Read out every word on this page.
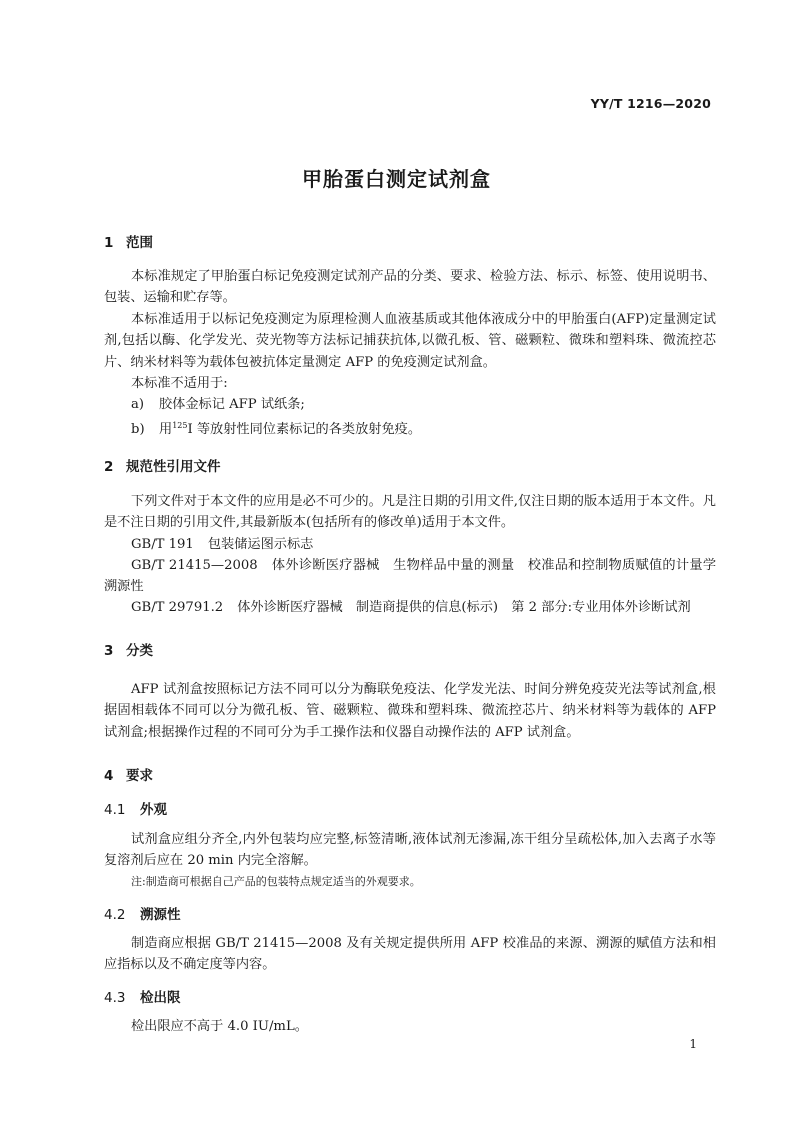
YY/T 1216—2020
甲胎蛋白测定试剂盒
1 范围
本标准规定了甲胎蛋白标记免疫测定试剂产品的分类、要求、检验方法、标示、标签、使用说明书、包装、运输和贮存等。
本标准适用于以标记免疫测定为原理检测人血液基质或其他体液成分中的甲胎蛋白(AFP)定量测定试剂,包括以酶、化学发光、荧光物等方法标记捕获抗体,以微孔板、管、磁颗粒、微珠和塑料珠、微流控芯片、纳米材料等为载体包被抗体定量测定 AFP 的免疫测定试剂盒。
本标准不适用于:
a) 胶体金标记 AFP 试纸条;
b) 用$^{125}$I 等放射性同位素标记的各类放射免疫。
2 规范性引用文件
下列文件对于本文件的应用是必不可少的。凡是注日期的引用文件,仅注日期的版本适用于本文件。凡是不注日期的引用文件,其最新版本(包括所有的修改单)适用于本文件。
GB/T 191 包装储运图示标志
GB/T 21415—2008 体外诊断医疗器械　生物样品中量的测量　校准品和控制物质赋值的计量学溯源性
GB/T 29791.2 体外诊断医疗器械　制造商提供的信息(标示)　第 2 部分:专业用体外诊断试剂
3 分类
AFP 试剂盒按照标记方法不同可以分为酶联免疫法、化学发光法、时间分辨免疫荧光法等试剂盒,根据固相载体不同可以分为微孔板、管、磁颗粒、微珠和塑料珠、微流控芯片、纳米材料等为载体的 AFP 试剂盒;根据操作过程的不同可分为手工操作法和仪器自动操作法的 AFP 试剂盒。
4 要求
4.1 外观
试剂盒应组分齐全,内外包装均应完整,标签清晰,液体试剂无渗漏,冻干组分呈疏松体,加入去离子水等复溶剂后应在 20 min 内完全溶解。
注:制造商可根据自己产品的包装特点规定适当的外观要求。
4.2 溯源性
制造商应根据 GB/T 21415—2008 及有关规定提供所用 AFP 校准品的来源、溯源的赋值方法和相应指标以及不确定度等内容。
4.3 检出限
检出限应不高于 4.0 IU/mL。
1
